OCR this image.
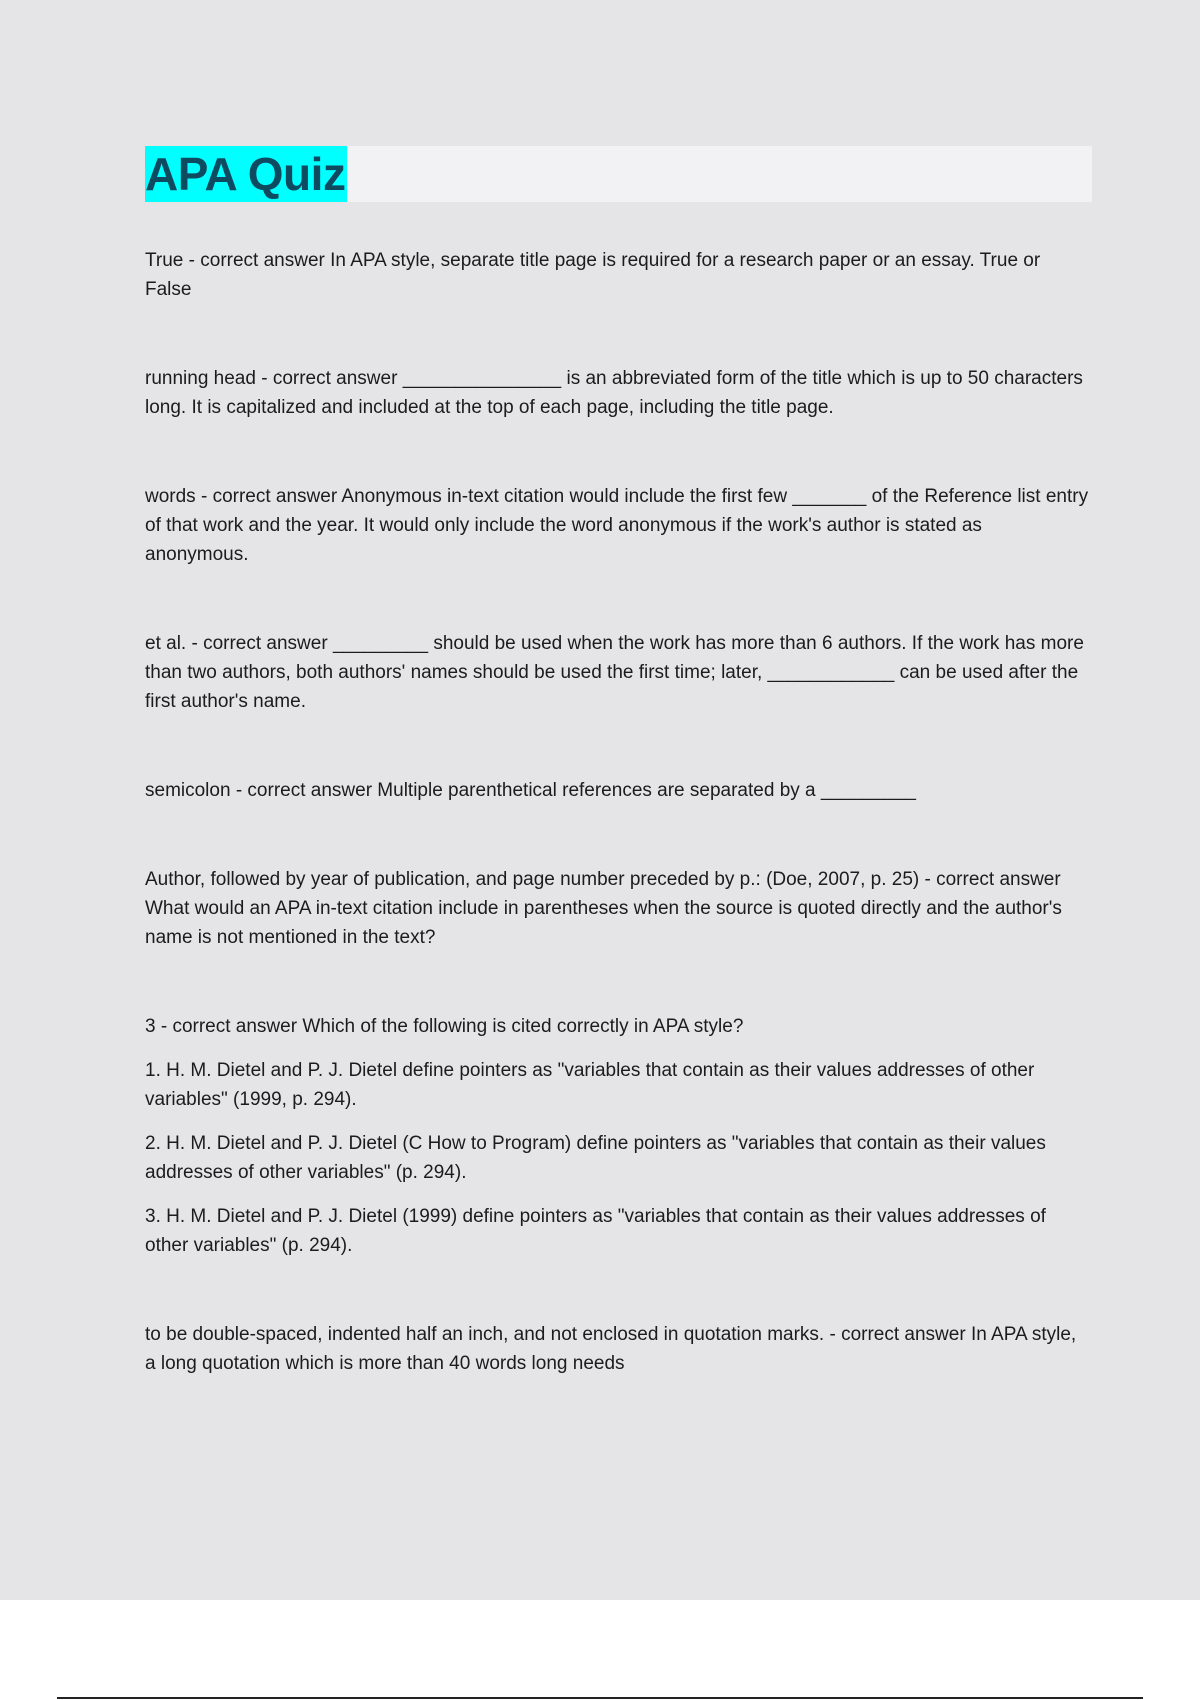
APA Quiz

True - correct answer In APA style, separate title page is required for a research paper or an essay. True or False

running head - correct answer _______________ is an abbreviated form of the title which is up to 50 characters long. It is capitalized and included at the top of each page, including the title page.

words - correct answer Anonymous in-text citation would include the first few _______ of the Reference list entry of that work and the year. It would only include the word anonymous if the work's author is stated as anonymous.

et al. - correct answer _________ should be used when the work has more than 6 authors. If the work has more than two authors, both authors' names should be used the first time; later, ____________ can be used after the first author's name.

semicolon - correct answer Multiple parenthetical references are separated by a _________

Author, followed by year of publication, and page number preceded by p.: (Doe, 2007, p. 25) - correct answer What would an APA in-text citation include in parentheses when the source is quoted directly and the author's name is not mentioned in the text?

3 - correct answer Which of the following is cited correctly in APA style?

1. H. M. Dietel and P. J. Dietel define pointers as "variables that contain as their values addresses of other variables" (1999, p. 294).

2. H. M. Dietel and P. J. Dietel (C How to Program) define pointers as "variables that contain as their values addresses of other variables" (p. 294).

3. H. M. Dietel and P. J. Dietel (1999) define pointers as "variables that contain as their values addresses of other variables" (p. 294).

to be double-spaced, indented half an inch, and not enclosed in quotation marks. - correct answer In APA style, a long quotation which is more than 40 words long needs
